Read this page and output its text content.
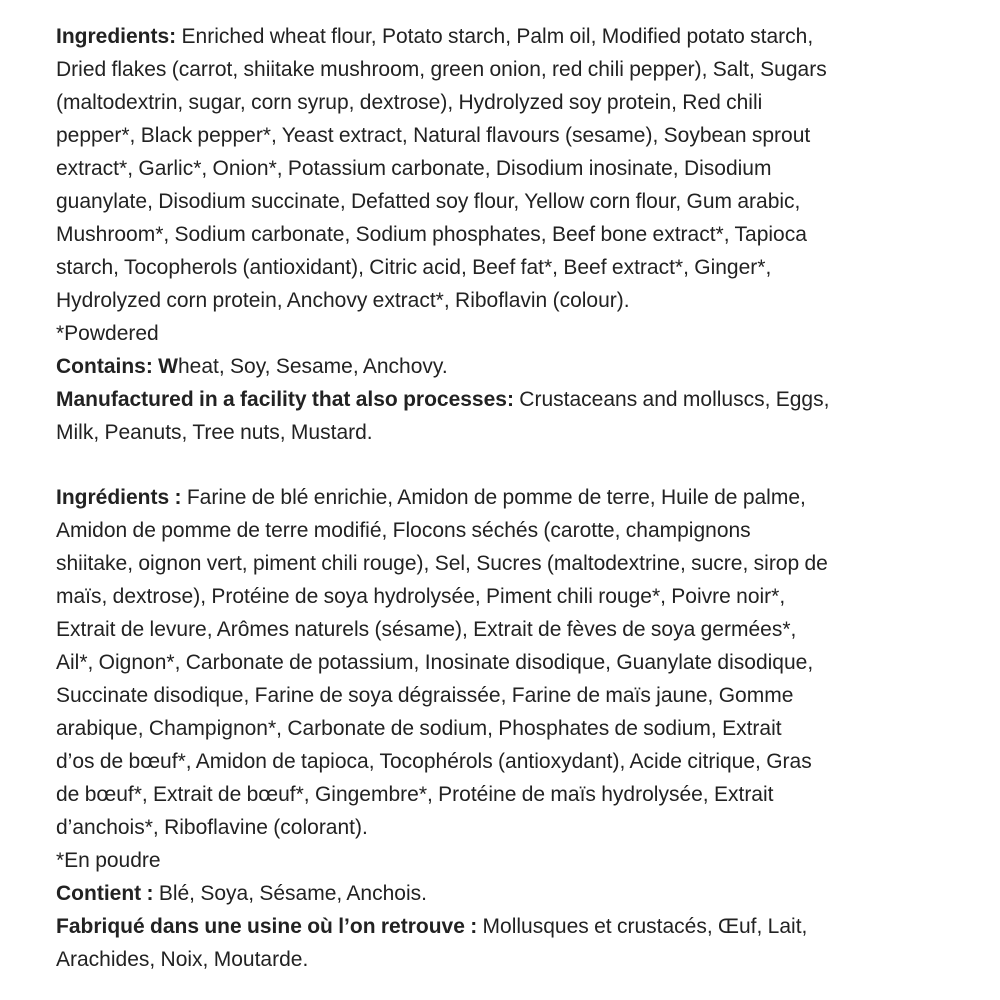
Ingredients: Enriched wheat flour, Potato starch, Palm oil, Modified potato starch,
Dried flakes (carrot, shiitake mushroom, green onion, red chili pepper), Salt, Sugars
(maltodextrin, sugar, corn syrup, dextrose), Hydrolyzed soy protein, Red chili
pepper*, Black pepper*, Yeast extract, Natural flavours (sesame), Soybean sprout
extract*, Garlic*, Onion*, Potassium carbonate, Disodium inosinate, Disodium
guanylate, Disodium succinate, Defatted soy flour, Yellow corn flour, Gum arabic,
Mushroom*, Sodium carbonate, Sodium phosphates, Beef bone extract*, Tapioca
starch, Tocopherols (antioxidant), Citric acid, Beef fat*, Beef extract*, Ginger*,
Hydrolyzed corn protein, Anchovy extract*, Riboflavin (colour).
*Powdered
Contains: Wheat, Soy, Sesame, Anchovy.
Manufactured in a facility that also processes: Crustaceans and molluscs, Eggs,
Milk, Peanuts, Tree nuts, Mustard.
Ingrédients : Farine de blé enrichie, Amidon de pomme de terre, Huile de palme,
Amidon de pomme de terre modifié, Flocons séchés (carotte, champignons
shiitake, oignon vert, piment chili rouge), Sel, Sucres (maltodextrine, sucre, sirop de
maïs, dextrose), Protéine de soya hydrolysée, Piment chili rouge*, Poivre noir*,
Extrait de levure, Arômes naturels (sésame), Extrait de fèves de soya germées*,
Ail*, Oignon*, Carbonate de potassium, Inosinate disodique, Guanylate disodique,
Succinate disodique, Farine de soya dégraissée, Farine de maïs jaune, Gomme
arabique, Champignon*, Carbonate de sodium, Phosphates de sodium, Extrait
d’os de bœuf*, Amidon de tapioca, Tocophérols (antioxydant), Acide citrique, Gras
de bœuf*, Extrait de bœuf*, Gingembre*, Protéine de maïs hydrolysée, Extrait
d’anchois*, Riboflavine (colorant).
*En poudre
Contient : Blé, Soya, Sésame, Anchois.
Fabriqué dans une usine où l’on retrouve : Mollusques et crustacés, Œuf, Lait,
Arachides, Noix, Moutarde.
